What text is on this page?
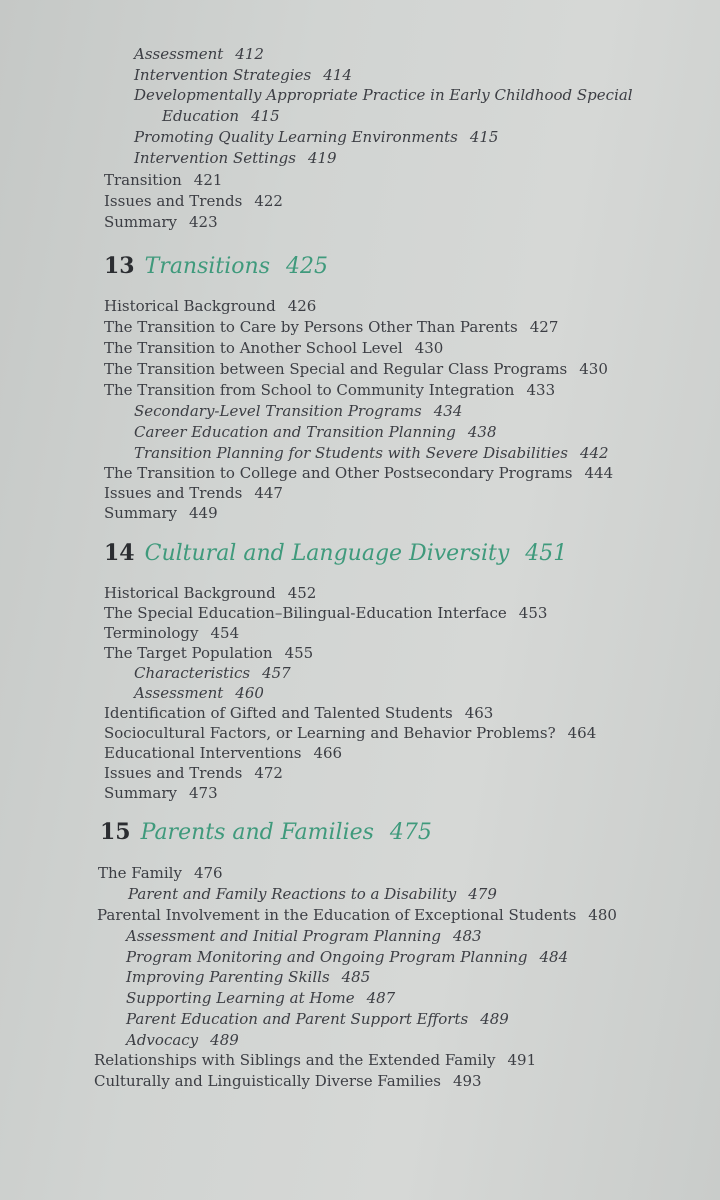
Assessment 412
Intervention Strategies 414
Developmentally Appropriate Practice in Early Childhood Special
Education 415
Promoting Quality Learning Environments 415
Intervention Settings 419
Transition 421
Issues and Trends 422
Summary 423
13 Transitions 425
Historical Background 426
The Transition to Care by Persons Other Than Parents 427
The Transition to Another School Level 430
The Transition between Special and Regular Class Programs 430
The Transition from School to Community Integration 433
Secondary-Level Transition Programs 434
Career Education and Transition Planning 438
Transition Planning for Students with Severe Disabilities 442
The Transition to College and Other Postsecondary Programs 444
Issues and Trends 447
Summary 449
14 Cultural and Language Diversity 451
Historical Background 452
The Special Education–Bilingual-Education Interface 453
Terminology 454
The Target Population 455
Characteristics 457
Assessment 460
Identification of Gifted and Talented Students 463
Sociocultural Factors, or Learning and Behavior Problems? 464
Educational Interventions 466
Issues and Trends 472
Summary 473
15 Parents and Families 475
The Family 476
Parent and Family Reactions to a Disability 479
Parental Involvement in the Education of Exceptional Students 480
Assessment and Initial Program Planning 483
Program Monitoring and Ongoing Program Planning 484
Improving Parenting Skills 485
Supporting Learning at Home 487
Parent Education and Parent Support Efforts 489
Advocacy 489
Relationships with Siblings and the Extended Family 491
Culturally and Linguistically Diverse Families 493
